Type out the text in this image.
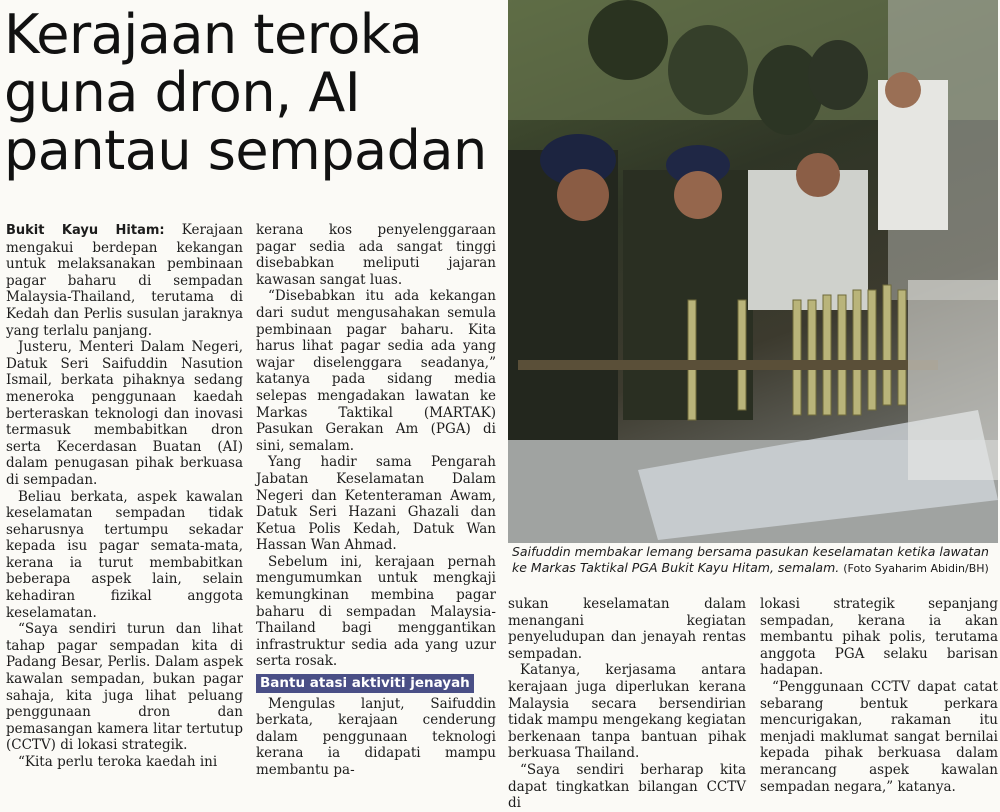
Kerajaan teroka
guna dron, AI
pantau sempadan

Bukit Kayu Hitam: Kerajaan mengakui berdepan kekangan untuk melaksanakan pembinaan pagar baharu di sempadan Malaysia-Thailand, terutama di Kedah dan Perlis susulan jaraknya yang terlalu panjang.

Justeru, Menteri Dalam Negeri, Datuk Seri Saifuddin Nasution Ismail, berkata pihaknya sedang meneroka penggunaan kaedah berteraskan teknologi dan inovasi termasuk membabitkan dron serta Kecerdasan Buatan (AI) dalam penugasan pihak berkuasa di sempadan.

Beliau berkata, aspek kawalan keselamatan sempadan tidak seharusnya tertumpu sekadar kepada isu pagar semata-mata, kerana ia turut membabitkan beberapa aspek lain, selain kehadiran fizikal anggota keselamatan.

“Saya sendiri turun dan lihat tahap pagar sempadan kita di Padang Besar, Perlis. Dalam aspek kawalan sempadan, bukan pagar sahaja, kita juga lihat peluang penggunaan dron dan pemasangan kamera litar tertutup (CCTV) di lokasi strategik.

“Kita perlu teroka kaedah ini

kerana kos penyelenggaraan pagar sedia ada sangat tinggi disebabkan meliputi jajaran kawasan sangat luas.

“Disebabkan itu ada kekangan dari sudut mengusahakan semula pembinaan pagar baharu. Kita harus lihat pagar sedia ada yang wajar diselenggara seadanya,” katanya pada sidang media selepas mengadakan lawatan ke Markas Taktikal (MARTAK) Pasukan Gerakan Am (PGA) di sini, semalam.

Yang hadir sama Pengarah Jabatan Keselamatan Dalam Negeri dan Ketenteraman Awam, Datuk Seri Hazani Ghazali dan Ketua Polis Kedah, Datuk Wan Hassan Wan Ahmad.

Sebelum ini, kerajaan pernah mengumumkan untuk mengkaji kemungkinan membina pagar baharu di sempadan Malaysia-Thailand bagi menggantikan infrastruktur sedia ada yang uzur serta rosak.

Bantu atasi aktiviti jenayah

Mengulas lanjut, Saifuddin berkata, kerajaan cenderung dalam penggunaan teknologi kerana ia didapati mampu membantu pa-

Saifuddin membakar lemang bersama pasukan keselamatan ketika lawatan ke Markas Taktikal PGA Bukit Kayu Hitam, semalam. (Foto Syaharim Abidin/BH)

sukan keselamatan dalam menangani kegiatan penyeludupan dan jenayah rentas sempadan.

Katanya, kerjasama antara kerajaan juga diperlukan kerana Malaysia secara bersendirian tidak mampu mengekang kegiatan berkenaan tanpa bantuan pihak berkuasa Thailand.

“Saya sendiri berharap kita dapat tingkatkan bilangan CCTV di

lokasi strategik sepanjang sempadan, kerana ia akan membantu pihak polis, terutama anggota PGA selaku barisan hadapan.

“Penggunaan CCTV dapat catat sebarang bentuk perkara mencurigakan, rakaman itu menjadi maklumat sangat bernilai kepada pihak berkuasa dalam merancang aspek kawalan sempadan negara,” katanya.
